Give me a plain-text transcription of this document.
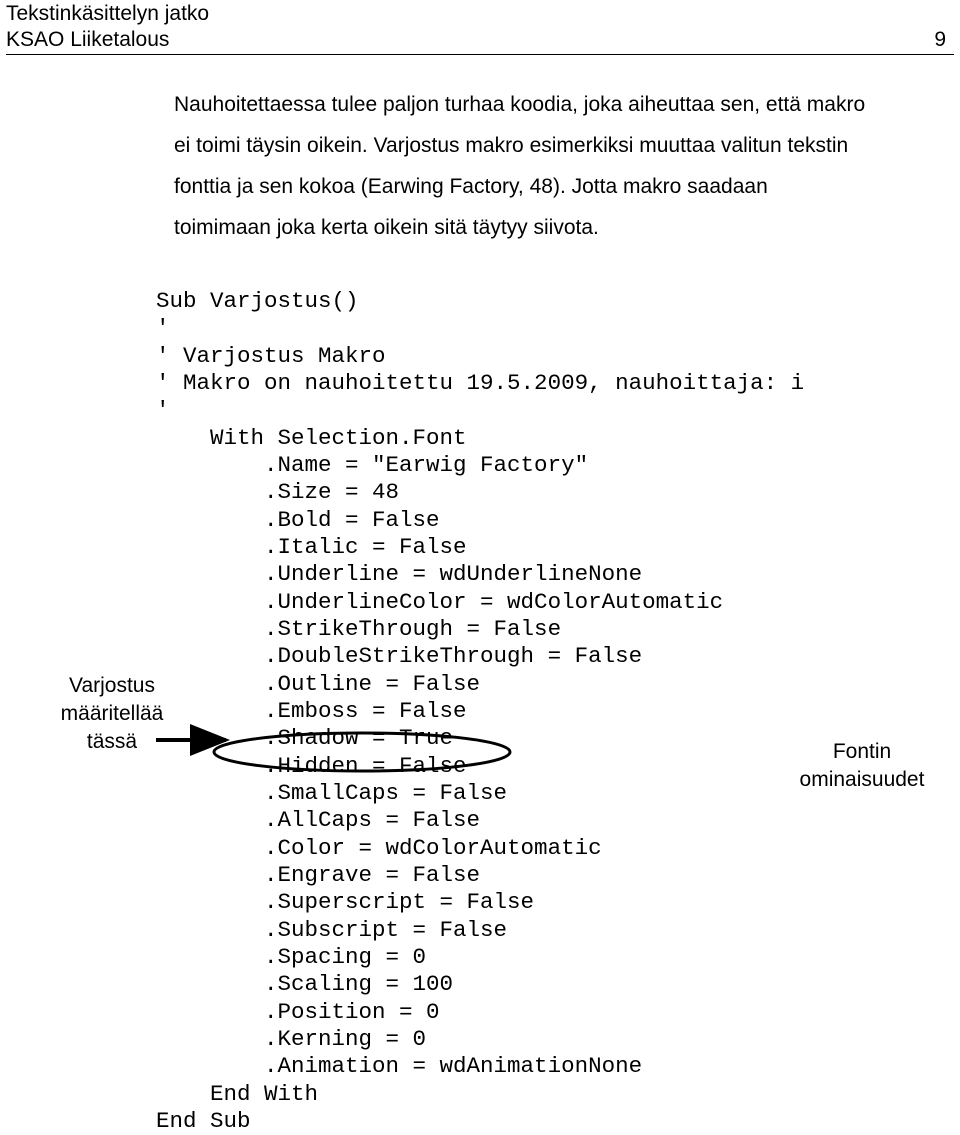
Tekstinkäsittelyn jatko
KSAO Liiketalous	9

Nauhoitettaessa tulee paljon turhaa koodia, joka aiheuttaa sen, että makro
ei toimi täysin oikein. Varjostus makro esimerkiksi muuttaa valitun tekstin
fonttia ja sen kokoa (Earwing Factory, 48). Jotta makro saadaan
toimimaan joka kerta oikein sitä täytyy siivota.

Sub Varjostus()
'
' Varjostus Makro
' Makro on nauhoitettu 19.5.2009, nauhoittaja: i
'
With Selection.Font
.Name = "Earwig Factory"
.Size = 48
.Bold = False
.Italic = False
.Underline = wdUnderlineNone
.UnderlineColor = wdColorAutomatic
.StrikeThrough = False
.DoubleStrikeThrough = False
.Outline = False
.Emboss = False
.Shadow = True
.Hidden = False
.SmallCaps = False
.AllCaps = False
.Color = wdColorAutomatic
.Engrave = False
.Superscript = False
.Subscript = False
.Spacing = 0
.Scaling = 100
.Position = 0
.Kerning = 0
.Animation = wdAnimationNone
End With
End Sub
Varjostus
määritellää
tässä	Fontin
ominaisuudet
